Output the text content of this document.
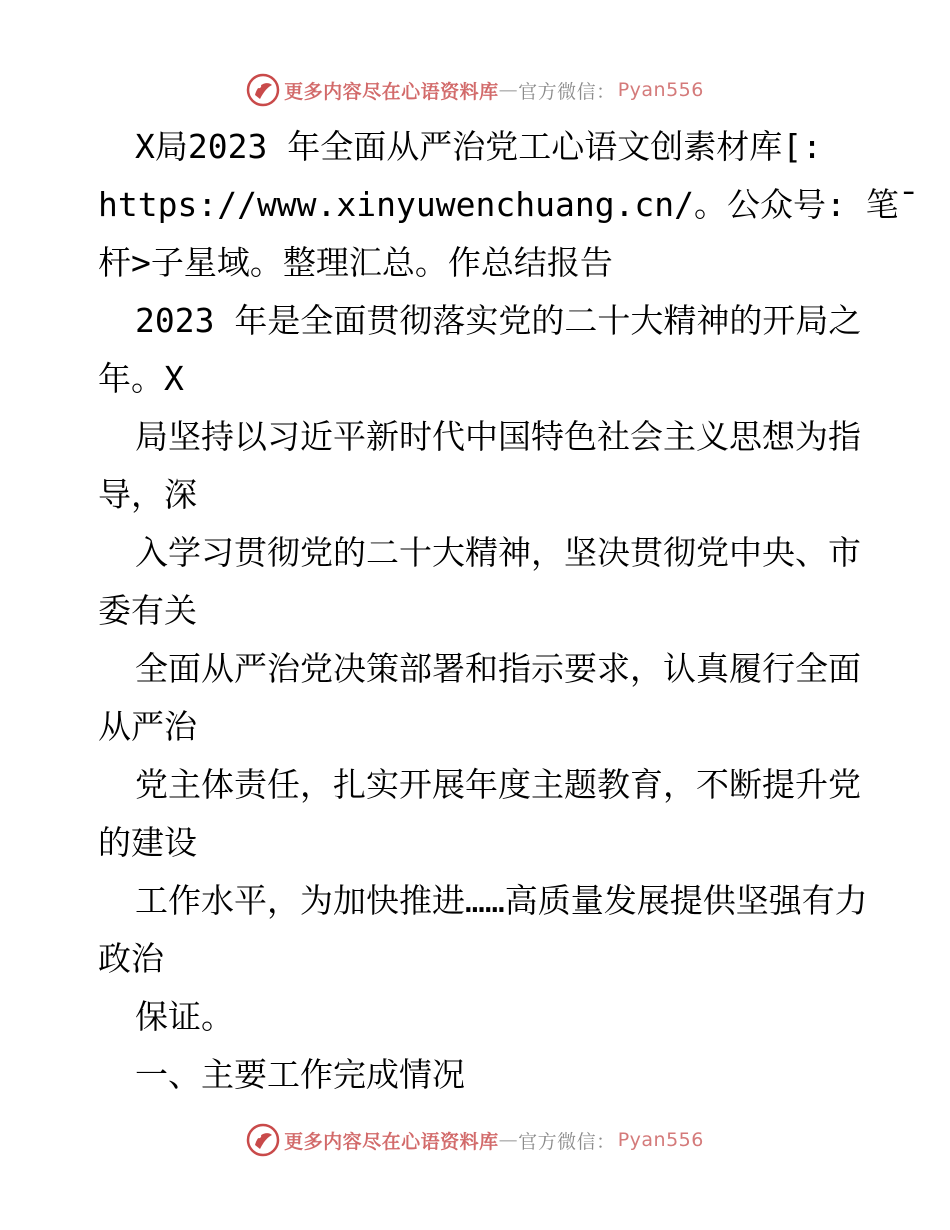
更多内容尽在心语资料库 — 官方微信 ： Pyan556

X局2023 年全面从严治党工心语文创素材库[:

https://www.xinyuwenchuang.cn/。公众号: 笔¯

杆>子星域。整理汇总。作总结报告

2023 年是全面贯彻落实党的二十大精神的开局之年。X

局坚持以习近平新时代中国特色社会主义思想为指导，深

入学习贯彻党的二十大精神，坚决贯彻党中央、市委有关

全面从严治党决策部署和指示要求，认真履行全面从严治

党主体责任，扎实开展年度主题教育，不断提升党的建设

工作水平，为加快推进……高质量发展提供坚强有力政治

保证。

一、主要工作完成情况

更多内容尽在心语资料库 — 官方微信 ： Pyan556
